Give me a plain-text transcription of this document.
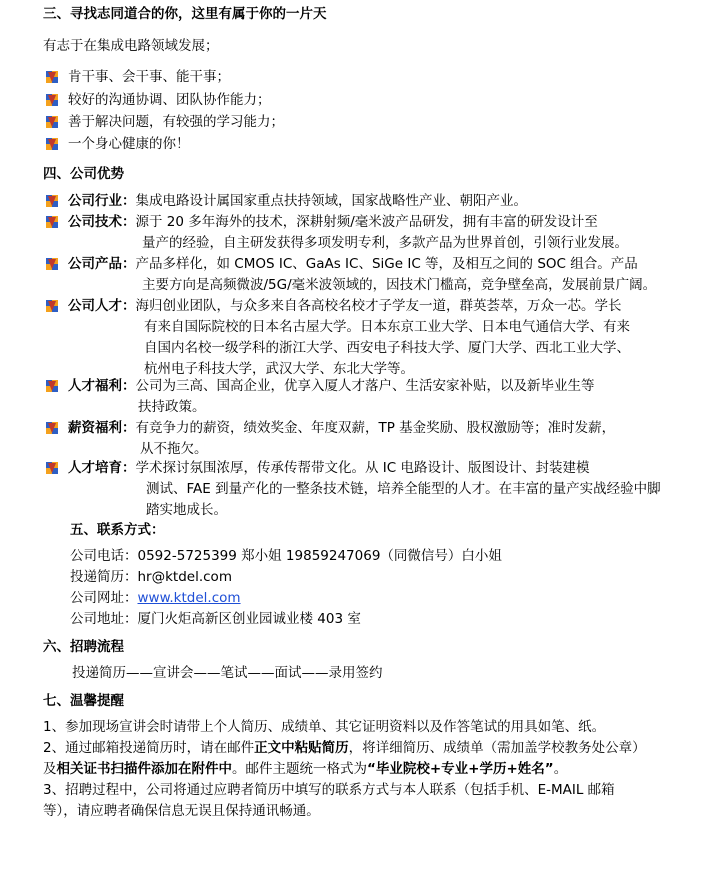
三、寻找志同道合的你，这里有属于你的一片天
有志于在集成电路领域发展；
肯干事、会干事、能干事；
较好的沟通协调、团队协作能力；
善于解决问题，有较强的学习能力；
一个身心健康的你！
四、公司优势
公司行业：集成电路设计属国家重点扶持领域，国家战略性产业、朝阳产业。
公司技术：源于 20 多年海外的技术，深耕射频/毫米波产品研发，拥有丰富的研发设计至
量产的经验，自主研发获得多项发明专利，多款产品为世界首创，引领行业发展。
公司产品：产品多样化，如 CMOS IC、GaAs IC、SiGe IC 等，及相互之间的 SOC 组合。产品
主要方向是高频微波/5G/毫米波领域的，因技术门槛高，竞争壁垒高，发展前景广阔。
公司人才：海归创业团队，与众多来自各高校名校才子学友一道，群英荟萃，万众一芯。学长
有来自国际院校的日本名古屋大学。日本东京工业大学、日本电气通信大学、有来
自国内名校一级学科的浙江大学、西安电子科技大学、厦门大学、西北工业大学、
杭州电子科技大学，武汉大学、东北大学等。
人才福利：公司为三高、国高企业，优享入厦人才落户、生活安家补贴，以及新毕业生等
扶持政策。
薪资福利：有竞争力的薪资，绩效奖金、年度双薪，TP 基金奖励、股权激励等；准时发薪，
从不拖欠。
人才培育：学术探讨氛围浓厚，传承传帮带文化。从 IC 电路设计、版图设计、封装建模
测试、FAE 到量产化的一整条技术链，培养全能型的人才。在丰富的量产实战经验中脚
踏实地成长。
五、联系方式：
公司电话：0592-5725399 郑小姐 19859247069（同微信号）白小姐
投递简历：hr@ktdel.com
公司网址：www.ktdel.com
公司地址：厦门火炬高新区创业园诚业楼 403 室
六、招聘流程
投递简历——宣讲会——笔试——面试——录用签约
七、温馨提醒
1、参加现场宣讲会时请带上个人简历、成绩单、其它证明资料以及作答笔试的用具如笔、纸。
2、通过邮箱投递简历时，请在邮件正文中粘贴简历，将详细简历、成绩单（需加盖学校教务处公章）
及相关证书扫描件添加在附件中。邮件主题统一格式为“毕业院校+专业+学历+姓名”。
3、招聘过程中，公司将通过应聘者简历中填写的联系方式与本人联系（包括手机、E-MAIL 邮箱
等），请应聘者确保信息无误且保持通讯畅通。
